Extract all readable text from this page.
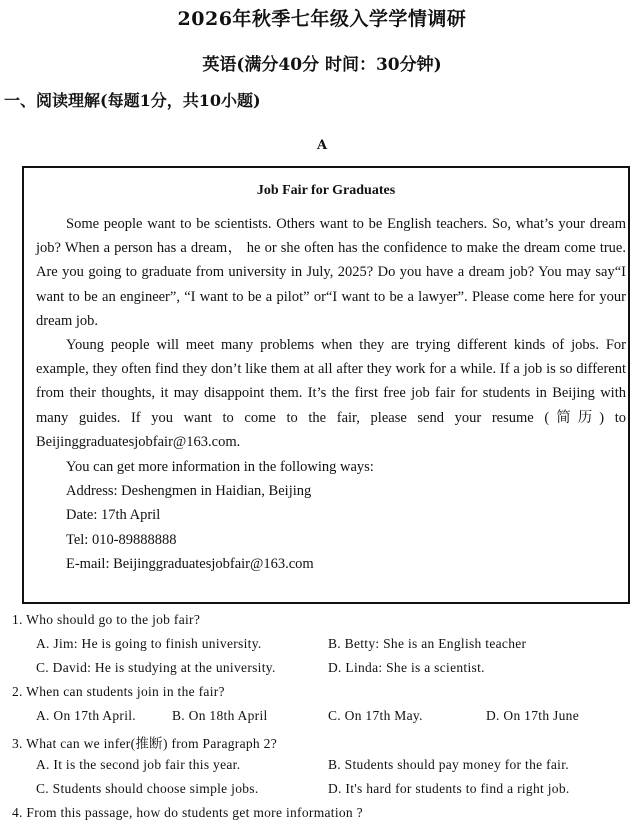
2026年秋季七年级入学学情调研
英语(满分40分 时间：30分钟)
一、阅读理解(每题1分，共10小题)
A
Job Fair for Graduates

Some people want to be scientists. Others want to be English teachers. So, what’s your dream job? When a person has a dream， he or she often has the confidence to make the dream come true. Are you going to graduate from university in July, 2025? Do you have a dream job? You may say“I want to be an engineer”, “I want to be a pilot” or“I want to be a lawyer”. Please come here for your dream job.

Young people will meet many problems when they are trying different kinds of jobs. For example, they often find they don’t like them at all after they work for a while. If a job is so different from their thoughts, it may disappoint them. It’s the first free job fair for students in Beijing with many guides. If you want to come to the fair, please send your resume (简历) to Beijinggraduatesjobfair@163.com.

You can get more information in the following ways:
Address: Deshengmen in Haidian, Beijing
Date: 17th April
Tel: 010-89888888
E-mail: Beijinggraduatesjobfair@163.com
1. Who should go to the job fair?
A. Jim: He is going to finish university.	B. Betty: She is an English teacher
C. David: He is studying at the university.	D. Linda: She is a scientist.
2. When can students join in the fair?
A. On 17th April.	B. On 18th April	C. On 17th May.	D. On 17th June
3. What can we infer(推断) from Paragraph 2?
A. It is the second job fair this year.	B. Students should pay money for the fair.
C. Students should choose simple jobs.	D. It's hard for students to find a right job.
4. From this passage, how do students get more information ?
